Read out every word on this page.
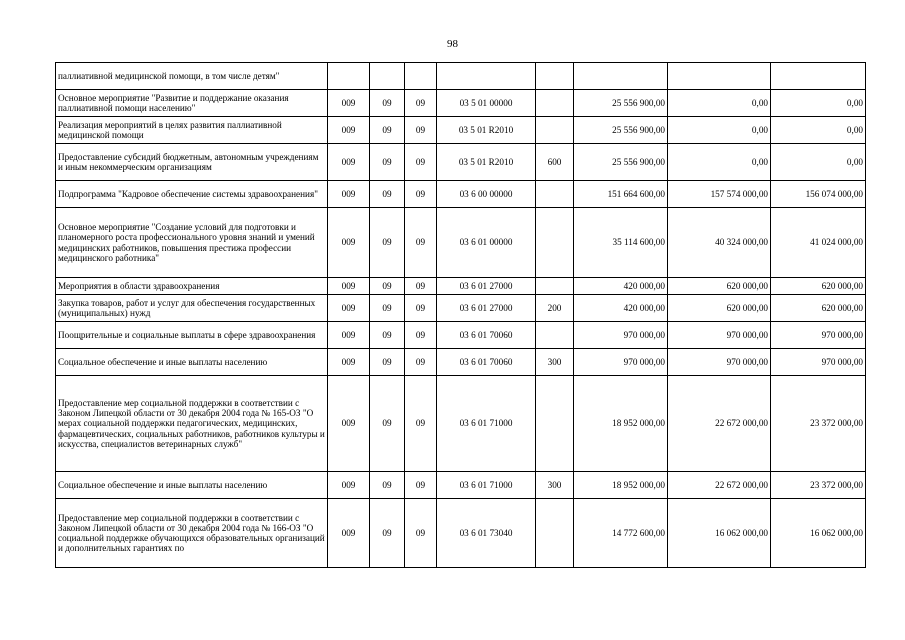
98
паллиативной медицинской помощи, в том числе детям"								
Основное мероприятие "Развитие и поддержание оказания паллиативной помощи населению"	009	09	09	03 5 01 00000		25 556 900,00	0,00	0,00
Реализация мероприятий в целях развития паллиативной медицинской помощи	009	09	09	03 5 01 R2010		25 556 900,00	0,00	0,00
Предоставление субсидий бюджетным, автономным учреждениям и иным некоммерческим организациям	009	09	09	03 5 01 R2010	600	25 556 900,00	0,00	0,00
Подпрограмма "Кадровое обеспечение системы здравоохранения"	009	09	09	03 6 00 00000		151 664 600,00	157 574 000,00	156 074 000,00
Основное мероприятие "Создание условий для подготовки и планомерного роста профессионального уровня знаний и умений медицинских работников, повышения престижа профессии медицинского работника"	009	09	09	03 6 01 00000		35 114 600,00	40 324 000,00	41 024 000,00
Мероприятия в области здравоохранения	009	09	09	03 6 01 27000		420 000,00	620 000,00	620 000,00
Закупка товаров, работ и услуг для обеспечения государственных (муниципальных) нужд	009	09	09	03 6 01 27000	200	420 000,00	620 000,00	620 000,00
Поощрительные и социальные выплаты в сфере здравоохранения	009	09	09	03 6 01 70060		970 000,00	970 000,00	970 000,00
Социальное обеспечение и иные выплаты населению	009	09	09	03 6 01 70060	300	970 000,00	970 000,00	970 000,00
Предоставление мер социальной поддержки в соответствии с Законом Липецкой области от 30 декабря 2004 года № 165-ОЗ "О мерах социальной поддержки педагогических, медицинских, фармацевтических, социальных работников, работников культуры и искусства, специалистов ветеринарных служб"	009	09	09	03 6 01 71000		18 952 000,00	22 672 000,00	23 372 000,00
Социальное обеспечение и иные выплаты населению	009	09	09	03 6 01 71000	300	18 952 000,00	22 672 000,00	23 372 000,00
Предоставление мер социальной поддержки в соответствии с Законом Липецкой области от 30 декабря 2004 года № 166-ОЗ "О социальной поддержке обучающихся образовательных организаций и дополнительных гарантиях по	009	09	09	03 6 01 73040		14 772 600,00	16 062 000,00	16 062 000,00
